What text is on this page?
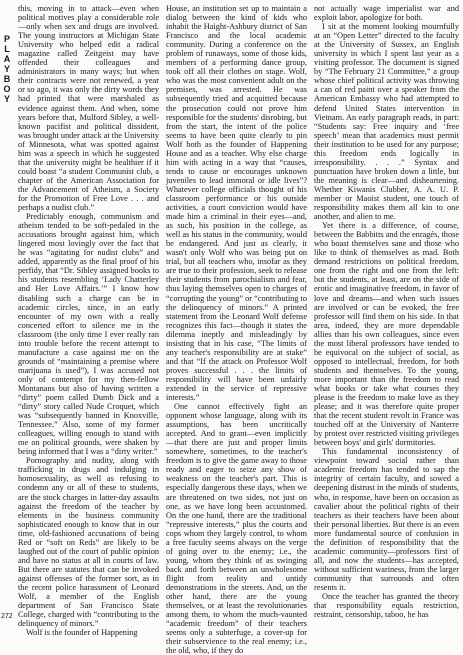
P
L
A
Y
B
O
Y
272

this, moving in to attack—even when political motives play a considerable role—only when sex and drugs are involved. The young instructors at Michigan State University who helped edit a radical magazine called Zeitgeist may have offended their colleagues and administrators in many ways; but when their contracts were not renewed, a year or so ago, it was only the dirty words they had printed that were marshaled as evidence against them. And when, some years before that, Mulford Sibley, a well-known pacifist and political dissident, was brought under attack at the University of Minnesota, what was spotted against him was a speech in which he suggested that the university might be healthier if it could boast “a student Communist club, a chapter of the American Association for the Advancement of Atheism, a Society for the Promotion of Free Love . . . and perhaps a nudist club.”

Predictably enough, communism and atheism tended to be soft-pedaled in the accusations brought against him, which lingered most lovingly over the fact that he was “agitating for nudist clubs” and added, apparently as the final proof of his perfidy, that “Dr. Sibley assigned books to his students resembling ‘Lady Chatterley and Her Love Affairs.’” I know how disabling such a charge can be in academic circles, since, in an early encounter of my own with a really concerted effort to silence me in the classroom (the only time I ever really ran into trouble before the recent attempt to manufacture a case against me on the grounds of “maintaining a premise where marijuana is used”), I was accused not only of contempt for my then-fellow Montanans but also of having written a “dirty” poem called Dumb Dick and a “dirty” story called Nude Croquet, which was “subsequently banned in Knoxville, Tennessee.” Also, some of my former colleagues, willing enough to stand with me on political grounds, were shaken by being informed that I was a “dirty writer.”

Pornography and nudity, along with trafficking in drugs and indulging in homosexuality, as well as refusing to condemn any or all of these to students, are the stock charges in latter-day assaults against the freedom of the teacher by elements in the business community sophisticated enough to know that in our time, old-fashioned accusations of being Red or “soft on Reds” are likely to be laughed out of the court of public opinion and have no status at all in courts of law. But there are statutes that can be invoked against offenses of the former sort, as in the recent police harassment of Leonard Wolf, a member of the English department of San Francisco State College, charged with “contributing to the delinquency of minors.”

Wolf is the founder of Happening

House, an institution set up to maintain a dialog between the kind of kids who inhabit the Haight-Ashbury district of San Francisco and the local academic community. During a conference on the problem of runaways, some of those kids, members of a performing dance group, took off all their clothes on stage. Wolf, who was the most convenient adult on the premises, was arrested. He was subsequently tried and acquitted because the prosecution could not prove him responsible for the students' disrobing, but from the start, the intent of the police seems to have been quite clearly to pin Wolf both as the founder of Happening House and as a teacher. Why else charge him with acting in a way that “causes, tends to cause or encourages unknown juveniles to lead immoral or idle lives”? Whatever college officials thought of his classroom performance or his outside activities, a court conviction would have made him a criminal in their eyes—and, as such, his position in the college, as well as his status in the community, would be endangered. And just as clearly, it wasn't only Wolf who was being put on trial, but all teachers who, insofar as they are true to their profession, seek to release their students from parochialism and fear, thus laying themselves open to charges of “corrupting the young” or “contributing to the delinquency of minors.” A printed statement from the Leonard Wolf defense recognizes this fact—though it states the dilemma ineptly and misleadingly by insisting that in his case, “The limits of any teacher's responsibility are at stake” and that “If the attack on Professor Wolf proves successful . . . the limits of responsibility will have been unfairly extended in the service of repressive interests.”

One cannot effectively fight an opponent whose language, along with its assumptions, has been uncritically accepted. And to grant—even implicitly—that there are just and proper limits somewhere, sometimes, to the teacher's freedom is to give the game away to those ready and eager to seize any show of weakness on the teacher's part. This is especially dangerous these days, when we are threatened on two sides, not just on one, as we have long been accustomed. On the one hand, there are the traditional “repressive interests,” plus the courts and cops whom they largely control, to whom a free faculty seems always on the verge of going over to the enemy; i.e., the young, whom they think of as swinging back and forth between an unwholesome flight from reality and untidy demonstrations in the streets. And, on the other hand, there are the young themselves, or at least the revolutionaries among them, to whom the much-vaunted “academic freedom” of their teachers seems only a subterfuge, a cover-up for their subservience to the real enemy; i.e., the old, who, if they do

not actually wage imperialist war and exploit labor, apologize for both.

I sit at the moment looking mournfully at an “Open Letter” directed to the faculty at the University of Sussex, an English university in which I spent last year as a visiting professor. The document is signed by “The February 21 Committee,” a group whose chief political activity was throwing a can of red paint over a speaker from the American Embassy who had attempted to defend United States intervention in Vietnam. An early paragraph reads, in part: “Students say: Free inquiry and ‘free speech’ mean that academics must permit their institution to be used for any purpose; this freedom ends logically in irresponsibility. . . .” Syntax and punctuation have broken down a little, but the meaning is clear—and disheartening. Whether Kiwanis Clubber, A. A. U. P. member or Maoist student, one touch of responsibility makes them all kin to one another, and alien to me.

Yet there is a difference, of course, between the Babbitts and the enragés, those who boast themselves sane and those who like to think of themselves as mad. Both demand restrictions on political freedom, one from the right and one from the left: but the students, at least, are on the side of erotic and imaginative freedom, in favor of love and dreams—and when such issues are involved or can be evoked, the free professor will find them on his side. In that area, indeed, they are more dependable allies than his own colleagues, since even the most liberal professors have tended to be equivocal on the subject of social, as opposed to intellectual, freedom, for both students and themselves. To the young, more important than the freedom to read what books or take what courses they please is the freedom to make love as they please; and it was therefore quite proper that the recent student revolt in France was touched off at the University of Nanterre by protest over restricted visiting privileges between boys' and girls' dormitories.

This fundamental inconsistency of viewpoint toward social rather than academic freedom has tended to sap the integrity of certain faculty, and sowed a deepening distrust in the minds of students, who, in response, have been on occasion as cavalier about the political rights of their teachers as their teachers have been about their personal liberties. But there is an even more fundamental source of confusion in the definition of responsibility that the academic community—professors first of all, and now the students—has accepted, without sufficient wariness, from the larger community that surrounds and often resents it.

Once the teacher has granted the theory that responsibility equals restriction, restraint, censorship, taboo, he has
